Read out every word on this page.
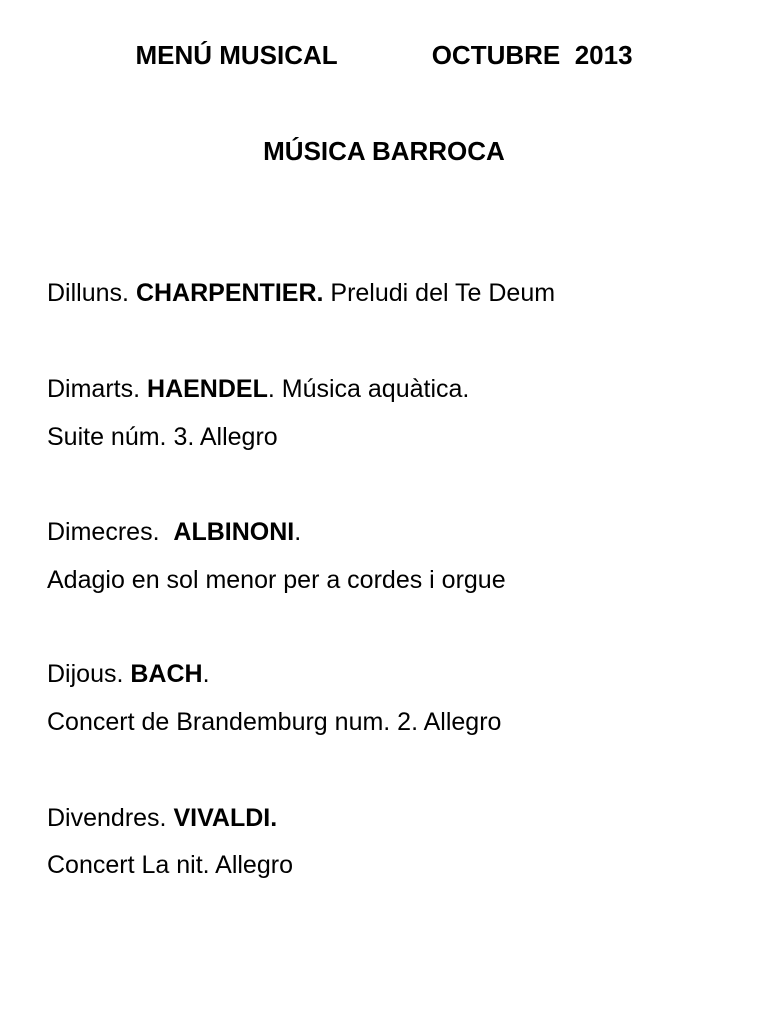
MENÚ MUSICAL	OCTUBRE  2013
MÚSICA BARROCA
Dilluns. CHARPENTIER. Preludi del Te Deum
Dimarts. HAENDEL. Música aquàtica.
Suite núm. 3. Allegro
Dimecres. ALBINONI.
Adagio en sol menor per a cordes i orgue
Dijous. BACH.
Concert de Brandemburg num. 2. Allegro
Divendres. VIVALDI.
Concert La nit. Allegro
